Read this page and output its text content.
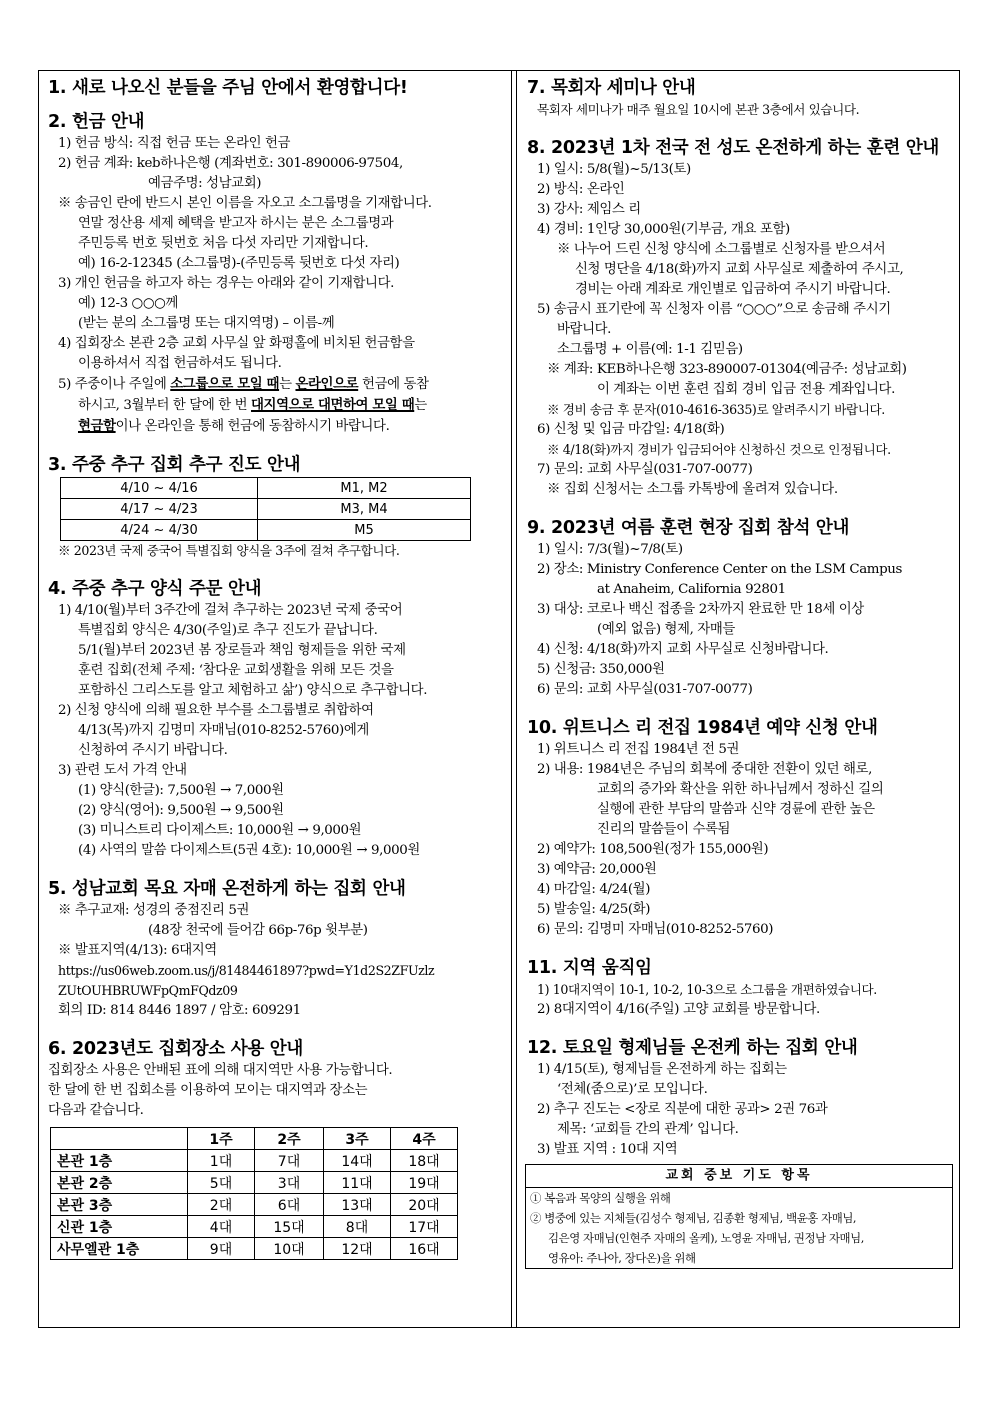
1. 새로 나오신 분들을 주님 안에서 환영합니다!
2. 헌금 안내
1) 헌금 방식: 직접 헌금 또는 온라인 헌금
2) 헌금 계좌: keb하나은행 (계좌번호: 301-890006-97504,
예금주명: 성남교회)
※ 송금인 란에 반드시 본인 이름을 자오고 소그룹명을 기재합니다.
연말 정산용 세제 혜택을 받고자 하시는 분은 소그룹명과
주민등록 번호 뒷번호 처음 다섯 자리만 기재합니다.
예) 16-2-12345 (소그룹명)-(주민등록 뒷번호 다섯 자리)
3) 개인 헌금을 하고자 하는 경우는 아래와 같이 기재합니다.
예) 12-3 ○○○께
(받는 분의 소그룹명 또는 대지역명) – 이름-께
4) 집회장소 본관 2층 교회 사무실 앞 화평홀에 비치된 헌금함을
이용하셔서 직접 헌금하셔도 됩니다.
5) 주중이나 주일에 소그룹으로 모일 때는 온라인으로 헌금에 동참
하시고, 3월부터 한 달에 한 번 대지역으로 대면하여 모일 때는
현금함이나 온라인을 통해 헌금에 동참하시기 바랍니다.
3. 주중 추구 집회 추구 진도 안내
4/10 ~ 4/16	M1, M2
4/17 ~ 4/23	M3, M4
4/24 ~ 4/30	M5
※ 2023년 국제 중국어 특별집회 양식을 3주에 걸쳐 추구합니다.
4. 주중 추구 양식 주문 안내
1) 4/10(월)부터 3주간에 걸쳐 추구하는 2023년 국제 중국어
특별집회 양식은 4/30(주일)로 추구 진도가 끝납니다.
5/1(월)부터 2023년 봄 장로들과 책임 형제들을 위한 국제
훈련 집회(전체 주제: ‘참다운 교회생활을 위해 모든 것을
포함하신 그리스도를 알고 체험하고 삶’) 양식으로 추구합니다.
2) 신청 양식에 의해 필요한 부수를 소그룹별로 취합하여
4/13(목)까지 김명미 자매님(010-8252-5760)에게
신청하여 주시기 바랍니다.
3) 관련 도서 가격 안내
(1) 양식(한글): 7,500원 → 7,000원
(2) 양식(영어): 9,500원 → 9,500원
(3) 미니스트리 다이제스트: 10,000원 → 9,000원
(4) 사역의 말씀 다이제스트(5권 4호): 10,000원 → 9,000원
5. 성남교회 목요 자매 온전하게 하는 집회 안내
※ 추구교재: 성경의 중점진리 5권
(48장 천국에 들어감 66p-76p 윗부분)
※ 발표지역(4/13): 6대지역
https://us06web.zoom.us/j/81484461897?pwd=Y1d2S2ZFUzlz
ZUtOUHBRUWFpQmFQdz09
회의 ID: 814 8446 1897 / 암호: 609291
6. 2023년도 집회장소 사용 안내
집회장소 사용은 안배된 표에 의해 대지역만 사용 가능합니다.
한 달에 한 번 집회소를 이용하여 모이는 대지역과 장소는
다음과 같습니다.
	1주	2주	3주	4주
본관 1층	1대	7대	14대	18대
본관 2층	5대	3대	11대	19대
본관 3층	2대	6대	13대	20대
신관 1층	4대	15대	8대	17대
사무엘관 1층	9대	10대	12대	16대
7. 목회자 세미나 안내
목회자 세미나가 매주 월요일 10시에 본관 3층에서 있습니다.
8. 2023년 1차 전국 전 성도 온전하게 하는 훈련 안내
1) 일시: 5/8(월)~5/13(토)
2) 방식: 온라인
3) 강사: 제임스 리
4) 경비: 1인당 30,000원(기부금, 개요 포함)
※ 나누어 드린 신청 양식에 소그룹별로 신청자를 받으셔서
신청 명단을 4/18(화)까지 교회 사무실로 제출하여 주시고,
경비는 아래 계좌로 개인별로 입금하여 주시기 바랍니다.
5) 송금시 표기란에 꼭 신청자 이름 “○○○”으로 송금해 주시기
바랍니다.
소그룹명 + 이름(예: 1-1 김믿음)
※ 계좌: KEB하나은행 323-890007-01304(예금주: 성남교회)
이 계좌는 이번 훈련 집회 경비 입금 전용 계좌입니다.
※ 경비 송금 후 문자(010-4616-3635)로 알려주시기 바랍니다.
6) 신청 및 입금 마감일: 4/18(화)
※ 4/18(화)까지 경비가 입금되어야 신청하신 것으로 인정됩니다.
7) 문의: 교회 사무실(031-707-0077)
※ 집회 신청서는 소그룹 카톡방에 올려져 있습니다.
9. 2023년 여름 훈련 현장 집회 참석 안내
1) 일시: 7/3(월)~7/8(토)
2) 장소: Ministry Conference Center on the LSM Campus
at Anaheim, California 92801
3) 대상: 코로나 백신 접종을 2차까지 완료한 만 18세 이상
(예외 없음) 형제, 자매들
4) 신청: 4/18(화)까지 교회 사무실로 신청바랍니다.
5) 신청금: 350,000원
6) 문의: 교회 사무실(031-707-0077)
10. 위트니스 리 전집 1984년 예약 신청 안내
1) 위트니스 리 전집 1984년 전 5권
2) 내용: 1984년은 주님의 회복에 중대한 전환이 있던 해로,
교회의 증가와 확산을 위한 하나님께서 정하신 길의
실행에 관한 부담의 말씀과 신약 경륜에 관한 높은
진리의 말씀들이 수록됨
2) 예약가: 108,500원(정가 155,000원)
3) 예약금: 20,000원
4) 마감일: 4/24(월)
5) 발송일: 4/25(화)
6) 문의: 김명미 자매님(010-8252-5760)
11. 지역 움직임
1) 10대지역이 10-1, 10-2, 10-3으로 소그룹을 개편하였습니다.
2) 8대지역이 4/16(주일) 고양 교회를 방문합니다.
12. 토요일 형제님들 온전케 하는 집회 안내
1) 4/15(토), 형제님들 온전하게 하는 집회는
‘전체(줌으로)’로 모입니다.
2) 추구 진도는 <장로 직분에 대한 공과> 2권 76과
제목: ‘교회들 간의 관계’ 입니다.
3) 발표 지역 : 10대 지역
교회 중보 기도 항목
① 복음과 목양의 실행을 위해
② 병중에 있는 지체들(김성수 형제님, 김종환 형제님, 백윤홍 자매님,
김은영 자매님(인현주 자매의 올케), 노영윤 자매님, 권정남 자매님,
영유아: 주나아, 장다온)을 위해
